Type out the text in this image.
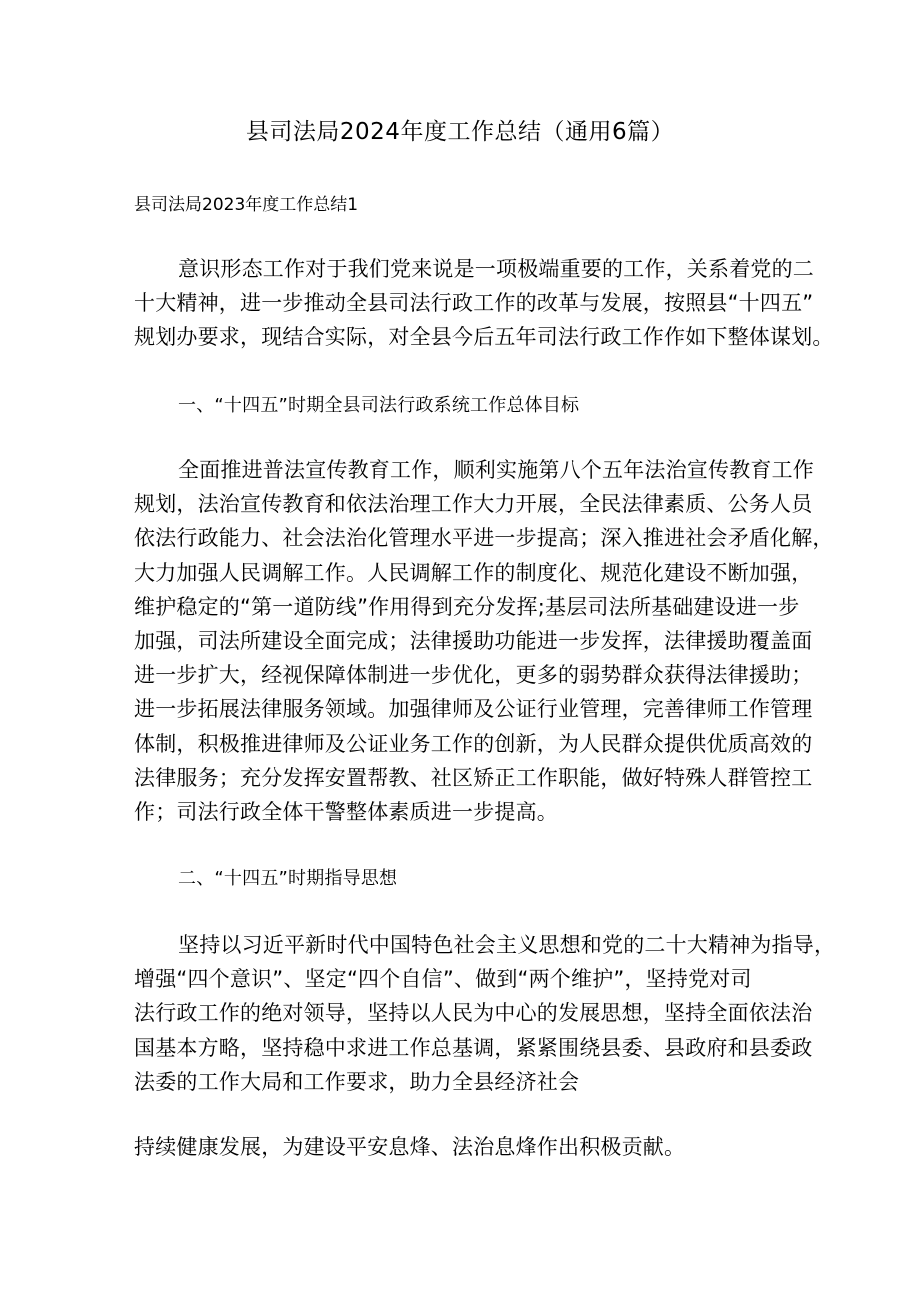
县司法局2024年度工作总结（通用6篇）
县司法局2023年度工作总结1
意识形态工作对于我们党来说是一项极端重要的工作，关系着党的二
十大精神，进一步推动全县司法行政工作的改革与发展，按照县“十四五”
规划办要求，现结合实际，对全县今后五年司法行政工作作如下整体谋划。
一、“十四五”时期全县司法行政系统工作总体目标
全面推进普法宣传教育工作，顺利实施第八个五年法治宣传教育工作
规划，法治宣传教育和依法治理工作大力开展，全民法律素质、公务人员
依法行政能力、社会法治化管理水平进一步提高；深入推进社会矛盾化解，
大力加强人民调解工作。人民调解工作的制度化、规范化建设不断加强，
维护稳定的“第一道防线”作用得到充分发挥;基层司法所基础建设进一步
加强，司法所建设全面完成；法律援助功能进一步发挥，法律援助覆盖面
进一步扩大，经视保障体制进一步优化，更多的弱势群众获得法律援助；
进一步拓展法律服务领域。加强律师及公证行业管理，完善律师工作管理
体制，积极推进律师及公证业务工作的创新，为人民群众提供优质高效的
法律服务；充分发挥安置帮教、社区矫正工作职能，做好特殊人群管控工
作；司法行政全体干警整体素质进一步提高。
二、“十四五”时期指导思想
坚持以习近平新时代中国特色社会主义思想和党的二十大精神为指导，
增强“四个意识”、坚定“四个自信”、做到“两个维护”，坚持党对司
法行政工作的绝对领导，坚持以人民为中心的发展思想，坚持全面依法治
国基本方略，坚持稳中求进工作总基调，紧紧围绕县委、县政府和县委政
法委的工作大局和工作要求，助力全县经济社会
持续健康发展，为建设平安息烽、法治息烽作出积极贡献。
